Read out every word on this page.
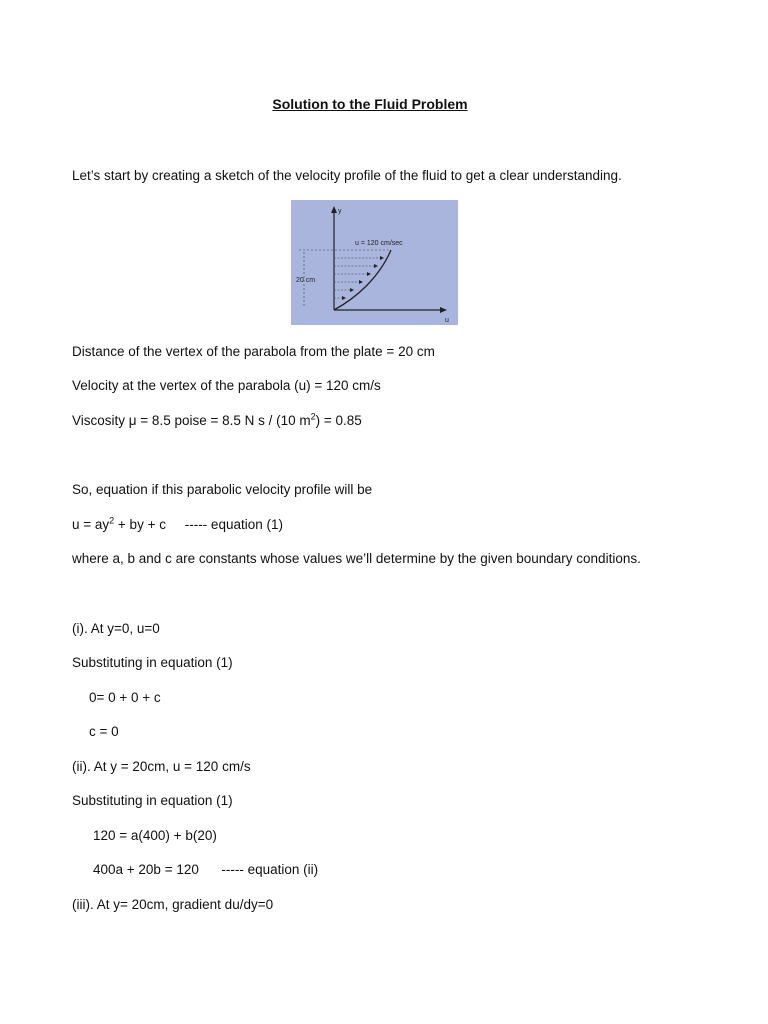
Solution to the Fluid Problem
Let’s start by creating a sketch of the velocity profile of the fluid to get a clear understanding.
y
u
u = 120 cm/sec
20 cm
Distance of the vertex of the parabola from the plate = 20 cm
Velocity at the vertex of the parabola (u) = 120 cm/s
Viscosity μ = 8.5 poise = 8.5 N s / (10 $m^2) = 0.85$
So, equation if this parabolic velocity profile will be
$u = ay^2$ + by + c     ----- equation (1)
where a, b and c are constants whose values we’ll determine by the given boundary conditions.
(i). At y=0, u=0
Substituting in equation (1)
0= 0 + 0 + c
c = 0
(ii). At y = 20cm, u = 120 cm/s
Substituting in equation (1)
120 = a(400) + b(20)
400a + 20b = 120      ----- equation (ii)
(iii). At y= 20cm, gradient du/dy=0
